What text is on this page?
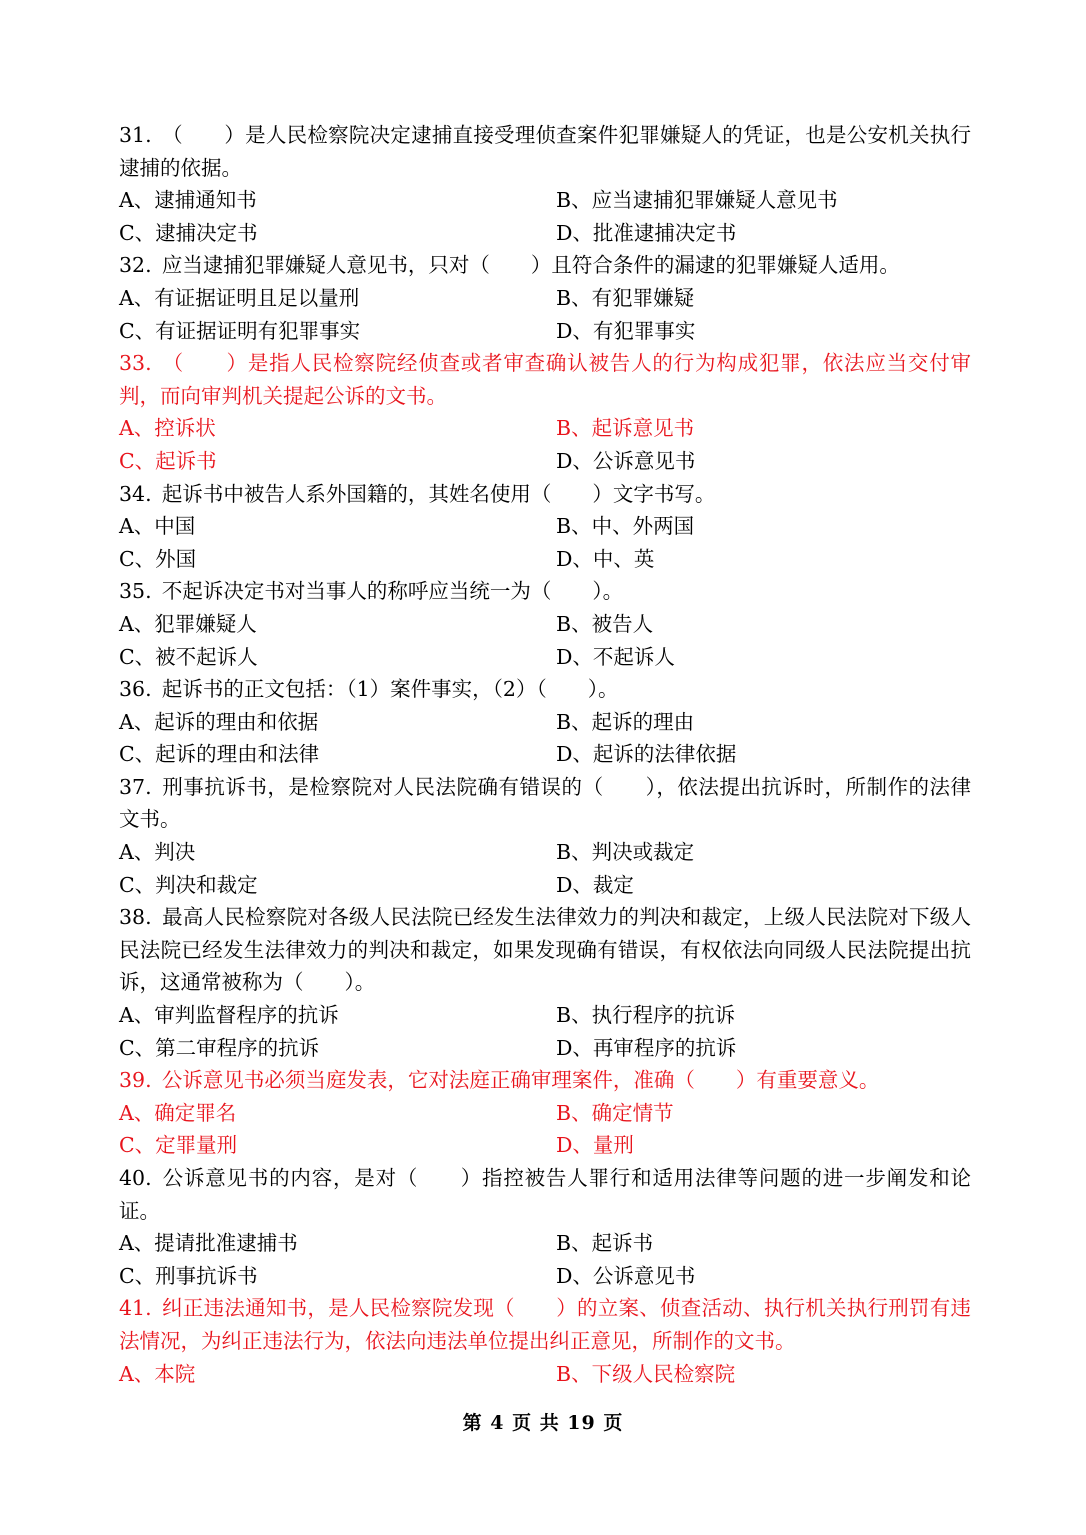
31.  （　　）是人民检察院决定逮捕直接受理侦查案件犯罪嫌疑人的凭证，也是公安机关执行逮捕的依据。

A、逮捕通知书	B、应当逮捕犯罪嫌疑人意见书
C、逮捕决定书	D、批准逮捕决定书

32.  应当逮捕犯罪嫌疑人意见书，只对（　　）且符合条件的漏逮的犯罪嫌疑人适用。

A、有证据证明且足以量刑	B、有犯罪嫌疑
C、有证据证明有犯罪事实	D、有犯罪事实

33.  （　　）是指人民检察院经侦查或者审查确认被告人的行为构成犯罪，依法应当交付审判，而向审判机关提起公诉的文书。

A、控诉状	B、起诉意见书
C、起诉书	D、公诉意见书

34.  起诉书中被告人系外国籍的，其姓名使用（　　）文字书写。

A、中国	B、中、外两国
C、外国	D、中、英

35.  不起诉决定书对当事人的称呼应当统一为（　　）。

A、犯罪嫌疑人	B、被告人
C、被不起诉人	D、不起诉人

36.  起诉书的正文包括：（1）案件事实，（2）（　　）。

A、起诉的理由和依据	B、起诉的理由
C、起诉的理由和法律	D、起诉的法律依据

37.  刑事抗诉书，是检察院对人民法院确有错误的（　　），依法提出抗诉时，所制作的法律文书。

A、判决	B、判决或裁定
C、判决和裁定	D、裁定

38.  最高人民检察院对各级人民法院已经发生法律效力的判决和裁定，上级人民法院对下级人民法院已经发生法律效力的判决和裁定，如果发现确有错误，有权依法向同级人民法院提出抗诉，这通常被称为（　　）。

A、审判监督程序的抗诉	B、执行程序的抗诉
C、第二审程序的抗诉	D、再审程序的抗诉

39.  公诉意见书必须当庭发表，它对法庭正确审理案件，准确（　　）有重要意义。

A、确定罪名	B、确定情节
C、定罪量刑	D、量刑

40.  公诉意见书的内容，是对（　　）指控被告人罪行和适用法律等问题的进一步阐发和论证。

A、提请批准逮捕书	B、起诉书
C、刑事抗诉书	D、公诉意见书

41.  纠正违法通知书，是人民检察院发现（　　）的立案、侦查活动、执行机关执行刑罚有违法情况，为纠正违法行为，依法向违法单位提出纠正意见，所制作的文书。

A、本院	B、下级人民检察院
第 4 页 共 19 页
